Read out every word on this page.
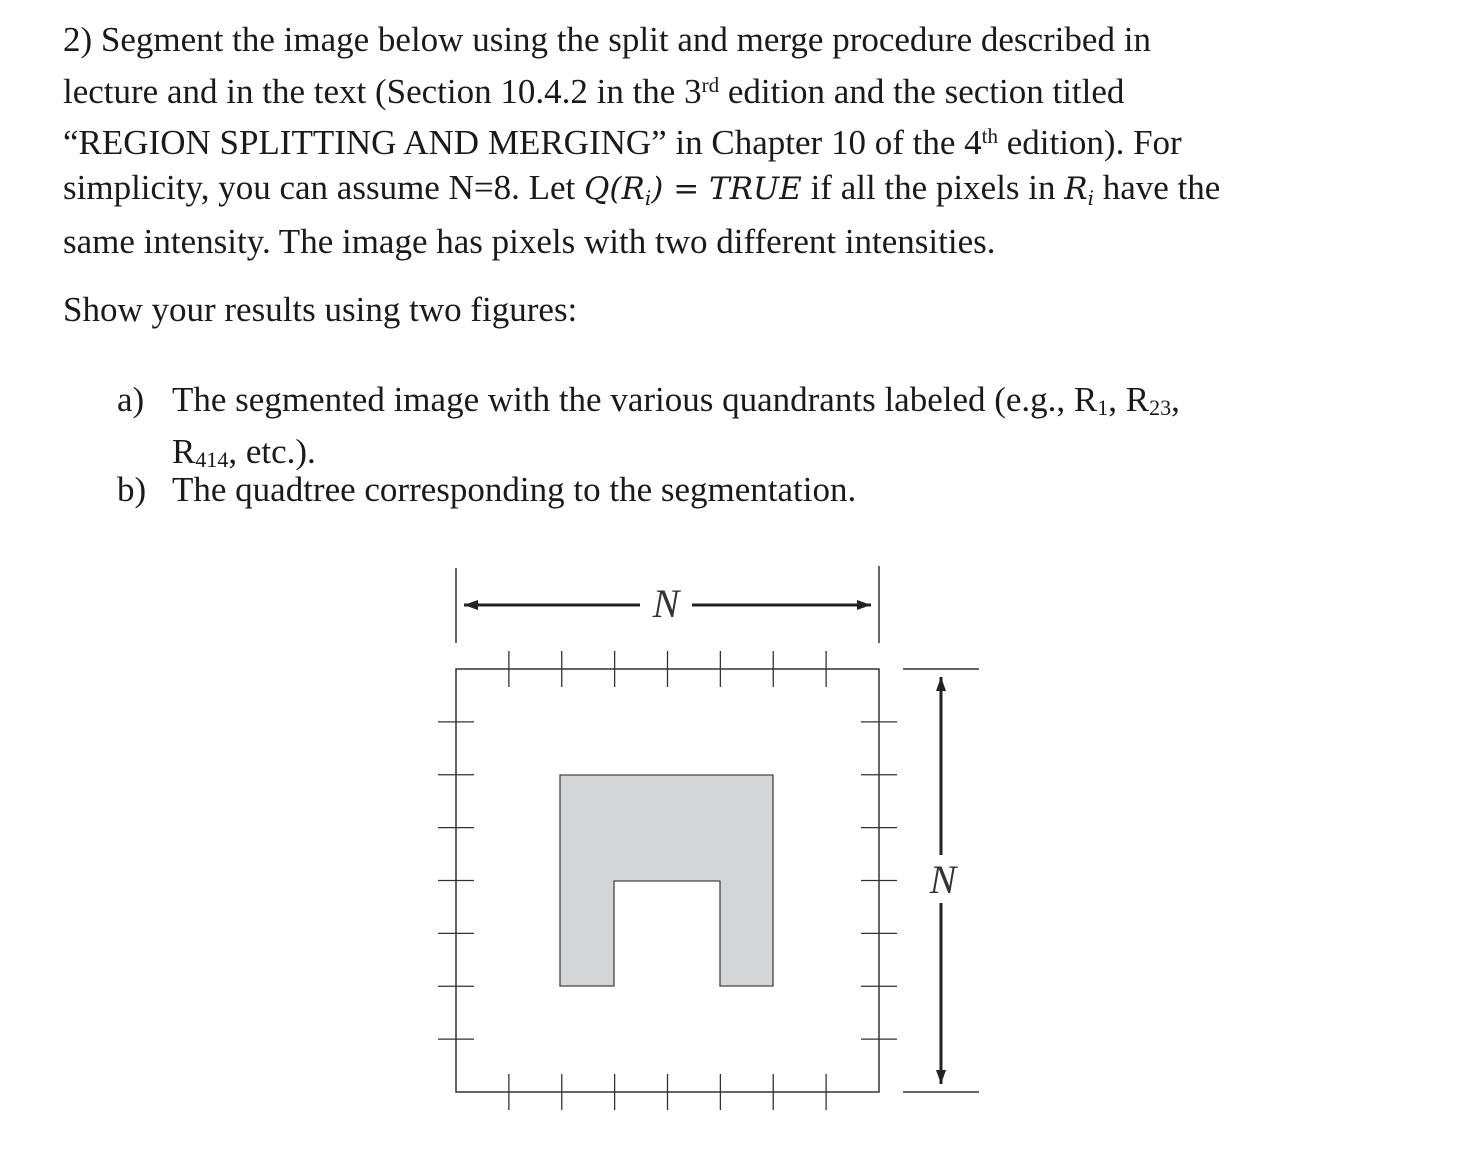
2) Segment the image below using the split and merge procedure described in
lecture and in the text (Section 10.4.2 in the 3rd edition and the section titled
“REGION SPLITTING AND MERGING” in Chapter 10 of the 4th edition). For
simplicity, you can assume N=8. Let $Q(R_i)$ = TRUE if all the pixels in $R_i$ have the
same intensity. The image has pixels with two different intensities.

Show your results using two figures:

a) The segmented image with the various quandrants labeled (e.g., R1, R23,
R414, etc.).
b) The quadtree corresponding to the segmentation.
N
N
